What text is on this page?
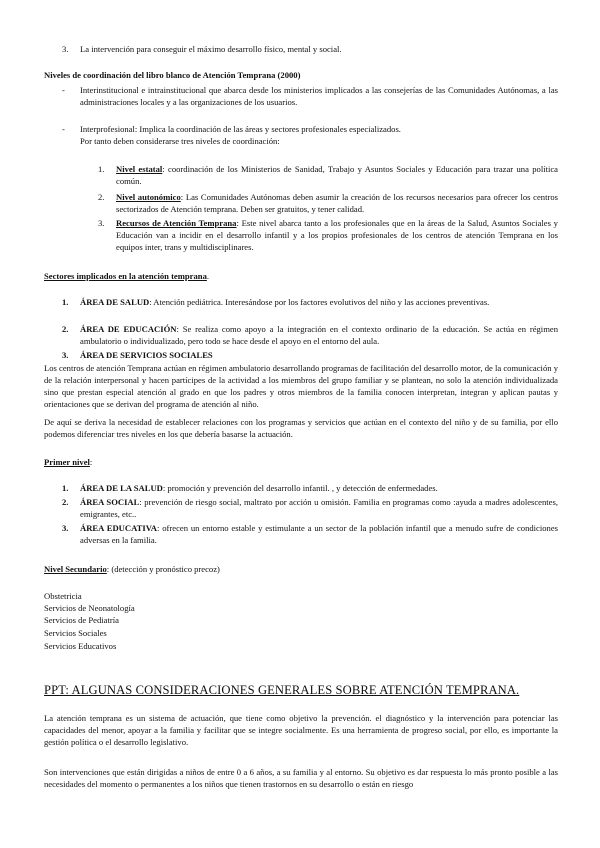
3. La intervención para conseguir el máximo desarrollo físico, mental y social.
Niveles de coordinación del libro blanco de Atención Temprana (2000)
- Interinstitucional e intrainstitucional que abarca desde los ministerios implicados a las consejerías de las Comunidades Autónomas, a las administraciones locales y a las organizaciones de los usuarios.
- Interprofesional: Implica la coordinación de las áreas y sectores profesionales especializados.
Por tanto deben considerarse tres niveles de coordinación:
1. Nivel estatal: coordinación de los Ministerios de Sanidad, Trabajo y Asuntos Sociales y Educación para trazar una política común.
2. Nivel autonómico: Las Comunidades Autónomas deben asumir la creación de los recursos necesarios para ofrecer los centros sectorizados de Atención temprana. Deben ser gratuitos, y tener calidad.
3. Recursos de Atención Temprana: Este nivel abarca tanto a los profesionales que en la áreas de la Salud, Asuntos Sociales y Educación van a incidir en el desarrollo infantil y a los propios profesionales de los centros de atención Temprana en los equipos inter, trans y multidisciplinares.
Sectores implicados en la atención temprana.
1. ÁREA DE SALUD: Atención pediátrica. Interesándose por los factores evolutivos del niño y las acciones preventivas.
2. ÁREA DE EDUCACIÓN: Se realiza como apoyo a la integración en el contexto ordinario de la educación. Se actúa en régimen ambulatorio o individualizado, pero todo se hace desde el apoyo en el entorno del aula.
3. ÁREA DE SERVICIOS SOCIALES
Los centros de atención Temprana actúan en régimen ambulatorio desarrollando programas de facilitación del desarrollo motor, de la comunicación y de la relación interpersonal y hacen partícipes de la actividad a los miembros del grupo familiar y se plantean, no solo la atención individualizada sino que prestan especial atención al grado en que los padres y otros miembros de la familia conocen interpretan, integran y aplican pautas y orientaciones que se derivan del programa de atención al niño.
De aquí se deriva la necesidad de establecer relaciones con los programas y servicios que actúan en el contexto del niño y de su familia, por ello podemos diferenciar tres niveles en los que debería basarse la actuación.
Primer nivel:
1. ÁREA DE LA SALUD: promoción y prevención del desarrollo infantil. , y detección de enfermedades.
2. ÁREA SOCIAL: prevención de riesgo social, maltrato por acción u omisión. Familia en programas como :ayuda a madres adolescentes, emigrantes, etc..
3. ÁREA EDUCATIVA: ofrecen un entorno estable y estimulante a un sector de la población infantil que a menudo sufre de condiciones adversas en la familia.
Nivel Secundario: (detección y pronóstico precoz)
Obstetricia
Servicios de Neonatología
Servicios de Pediatría
Servicios Sociales
Servicios Educativos
PPT: ALGUNAS CONSIDERACIONES GENERALES SOBRE ATENCIÓN TEMPRANA.
La atención temprana es un sistema de actuación, que tiene como objetivo la prevención. el diagnóstico y la intervención para potenciar las capacidades del menor, apoyar a la familia y facilitar que se integre socialmente. Es una herramienta de progreso social, por ello, es importante la gestión política o el desarrollo legislativo.
Son intervenciones que están dirigidas a niños de entre 0 a 6 años, a su familia y al entorno. Su objetivo es dar respuesta lo más pronto posible a las necesidades del momento o permanentes a los niños que tienen trastornos en su desarrollo o están en riesgo
